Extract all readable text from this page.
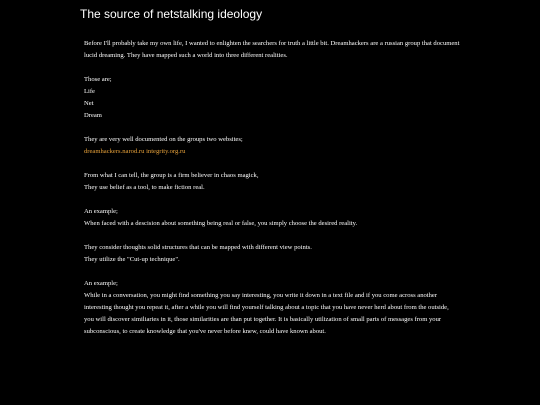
The source of netstalking ideology

Before I'll probably take my own life, I wanted to enlighten the searchers for truth a little bit. Dreamhackers are a russian group that document lucid dreaming. They have mapped such a world into three different realities.

Those are;
Life
Net
Dream

They are very well documented on the groups two websites;
dreamhackers.narod.ru integrity.org.ru

From what I can tell, the group is a firm believer in chaos magick,
They use belief as a tool, to make fiction real.

An example;
When faced with a descision about something being real or false, you simply choose the desired reality.

They consider thoughts solid structures that can be mapped with different view points.
They utilize the "Cut-up technique".

An example;
While in a conversation, you might find something you say interesting, you write it down in a text file and if you come across another interesting thought you repeat it, after a while you will find yourself talking about a topic that you have never herd about from the outside, you will discover similiaries in it, those similarities are than put together. It is basically utilization of small parts of messages from your subconscious, to create knowledge that you've never before knew, could have known about.
